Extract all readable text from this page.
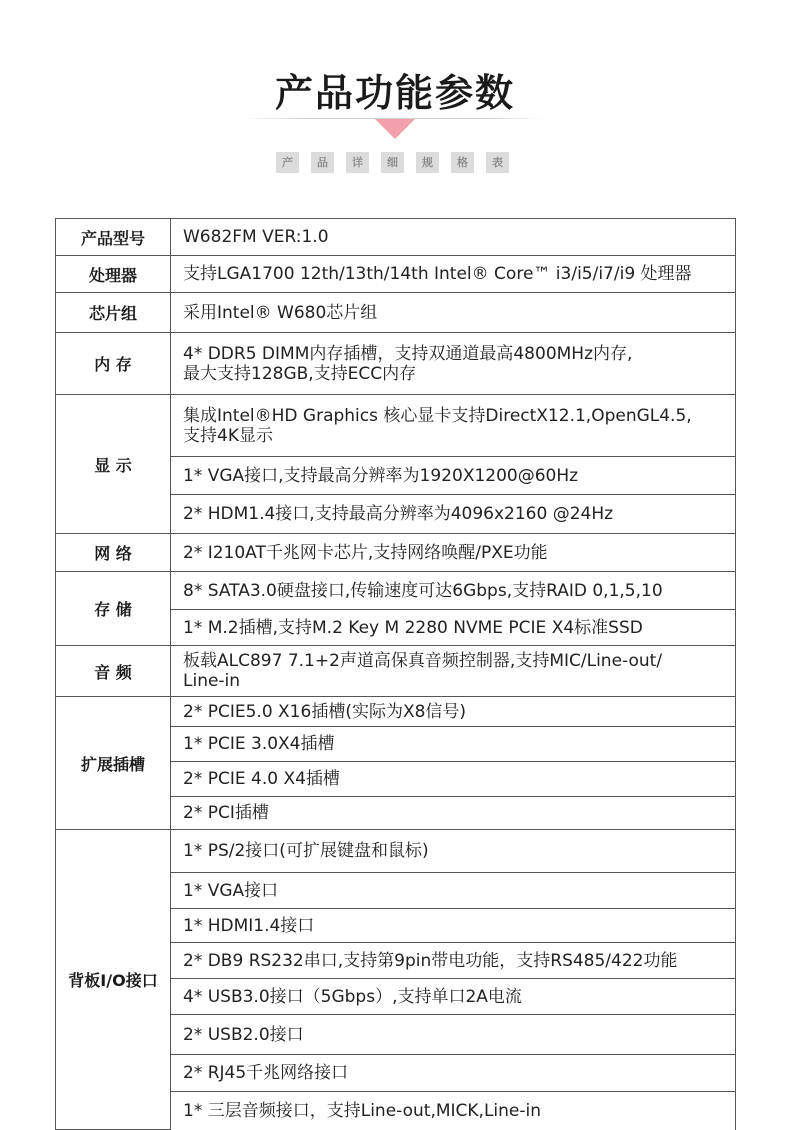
产品功能参数
产	品	详	细	规	格	表
产品型号	W682FM VER:1.0
处理器	支持LGA1700 12th/13th/14th Intel® Core™ i3/i5/i7/i9 处理器
芯片组	采用Intel® W680芯片组
内 存	4* DDR5 DIMM内存插槽，支持双通道最高4800MHz内存,
最大支持128GB,支持ECC内存
显 示	集成Intel®HD Graphics 核心显卡支持DirectX12.1,OpenGL4.5,
支持4K显示
	1* VGA接口,支持最高分辨率为1920X1200@60Hz
	2* HDM1.4接口,支持最高分辨率为4096x2160 @24Hz
网 络	2* I210AT千兆网卡芯片,支持网络唤醒/PXE功能
存 储	8* SATA3.0硬盘接口,传输速度可达6Gbps,支持RAID 0,1,5,10
	1* M.2插槽,支持M.2 Key M 2280 NVME PCIE X4标准SSD
音 频	板载ALC897 7.1+2声道高保真音频控制器,支持MIC/Line-out/
Line-in
扩展插槽	2* PCIE5.0 X16插槽(实际为X8信号)
	1* PCIE 3.0X4插槽
	2* PCIE 4.0 X4插槽
	2* PCI插槽
背板I/O接口	1* PS/2接口(可扩展键盘和鼠标)
	1* VGA接口
	1* HDMI1.4接口
	2* DB9 RS232串口,支持第9pin带电功能，支持RS485/422功能
	4* USB3.0接口（5Gbps）,支持单口2A电流
	2* USB2.0接口
	2* RJ45千兆网络接口
	1* 三层音频接口，支持Line-out,MICK,Line-in
